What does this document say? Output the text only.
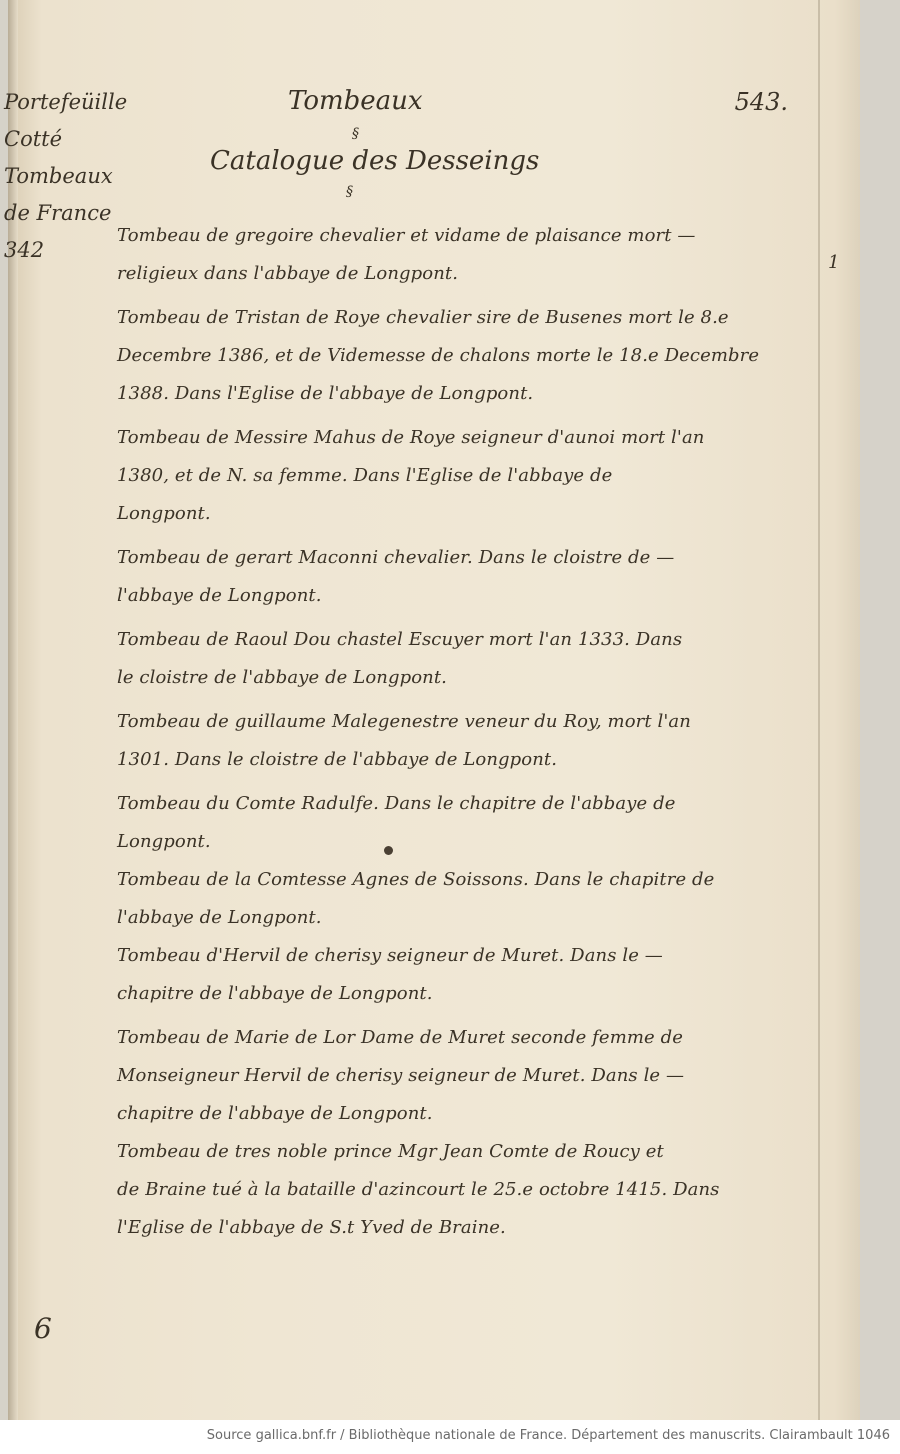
Portefeüille
Cotté
Tombeaux
de France
342
543.
Tombeaux
§
Catalogue des Desseings
§
Tombeau de gregoire chevalier et vidame de plaisance mort —
religieux dans l'abbaye de Longpont.
Tombeau de Tristan de Roye chevalier sire de Busenes mort le 8.e
Decembre 1386, et de Videmesse de chalons morte le 18.e Decembre
1388. Dans l'Eglise de l'abbaye de Longpont.
Tombeau de Messire Mahus de Roye seigneur d'aunoi mort l'an
1380, et de N. sa femme. Dans l'Eglise de l'abbaye de
Longpont.
Tombeau de gerart Maconni chevalier. Dans le cloistre de —
l'abbaye de Longpont.
Tombeau de Raoul Dou chastel Escuyer mort l'an 1333. Dans
le cloistre de l'abbaye de Longpont.
Tombeau de guillaume Malegenestre veneur du Roy, mort l'an
1301. Dans le cloistre de l'abbaye de Longpont.
Tombeau du Comte Radulfe. Dans le chapitre de l'abbaye de
Longpont.
Tombeau de la Comtesse Agnes de Soissons. Dans le chapitre de
l'abbaye de Longpont.
Tombeau d'Hervil de cherisy seigneur de Muret. Dans le —
chapitre de l'abbaye de Longpont.
Tombeau de Marie de Lor Dame de Muret seconde femme de
Monseigneur Hervil de cherisy seigneur de Muret. Dans le —
chapitre de l'abbaye de Longpont.
Tombeau de tres noble prince Mgr Jean Comte de Roucy et
de Braine tué à la bataille d'azincourt le 25.e octobre 1415. Dans
l'Eglise de l'abbaye de S.t Yved de Braine.
1
6
Source gallica.bnf.fr / Bibliothèque nationale de France. Département des manuscrits. Clairambault 1046
